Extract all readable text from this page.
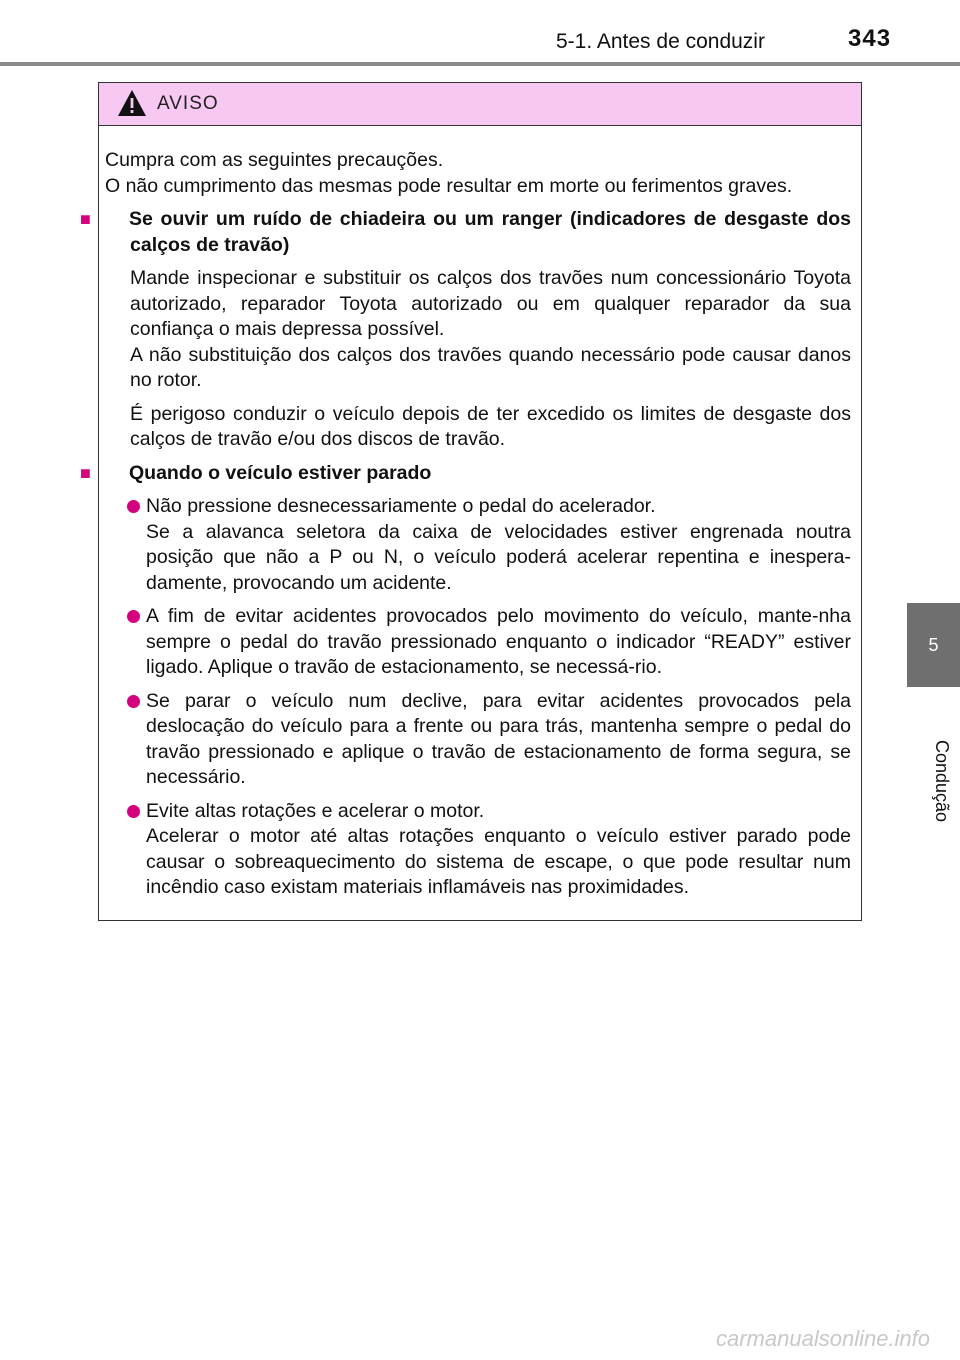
5-1. Antes de conduzir	343
5
Condução
AVISO

Cumpra com as seguintes precauções.

O não cumprimento das mesmas pode resultar em morte ou ferimentos graves.

■ Se ouvir um ruído de chiadeira ou um ranger (indicadores de desgaste dos calços de travão)

Mande inspecionar e substituir os calços dos travões num concessionário Toyota autorizado, reparador Toyota autorizado ou em qualquer reparador da sua confiança o mais depressa possível.

A não substituição dos calços dos travões quando necessário pode causar danos no rotor.

É perigoso conduzir o veículo depois de ter excedido os limites de desgaste dos calços de travão e/ou dos discos de travão.

■ Quando o veículo estiver parado

Não pressione desnecessariamente o pedal do acelerador.

Se a alavanca seletora da caixa de velocidades estiver engrenada noutra posição que não a P ou N, o veículo poderá acelerar repentina e inespera-damente, provocando um acidente.

A fim de evitar acidentes provocados pelo movimento do veículo, mante-nha sempre o pedal do travão pressionado enquanto o indicador “READY” estiver ligado. Aplique o travão de estacionamento, se necessá-rio.

Se parar o veículo num declive, para evitar acidentes provocados pela deslocação do veículo para a frente ou para trás, mantenha sempre o pedal do travão pressionado e aplique o travão de estacionamento de forma segura, se necessário.

Evite altas rotações e acelerar o motor.

Acelerar o motor até altas rotações enquanto o veículo estiver parado pode causar o sobreaquecimento do sistema de escape, o que pode resultar num incêndio caso existam materiais inflamáveis nas proximidades.

carmanualsonline.info
